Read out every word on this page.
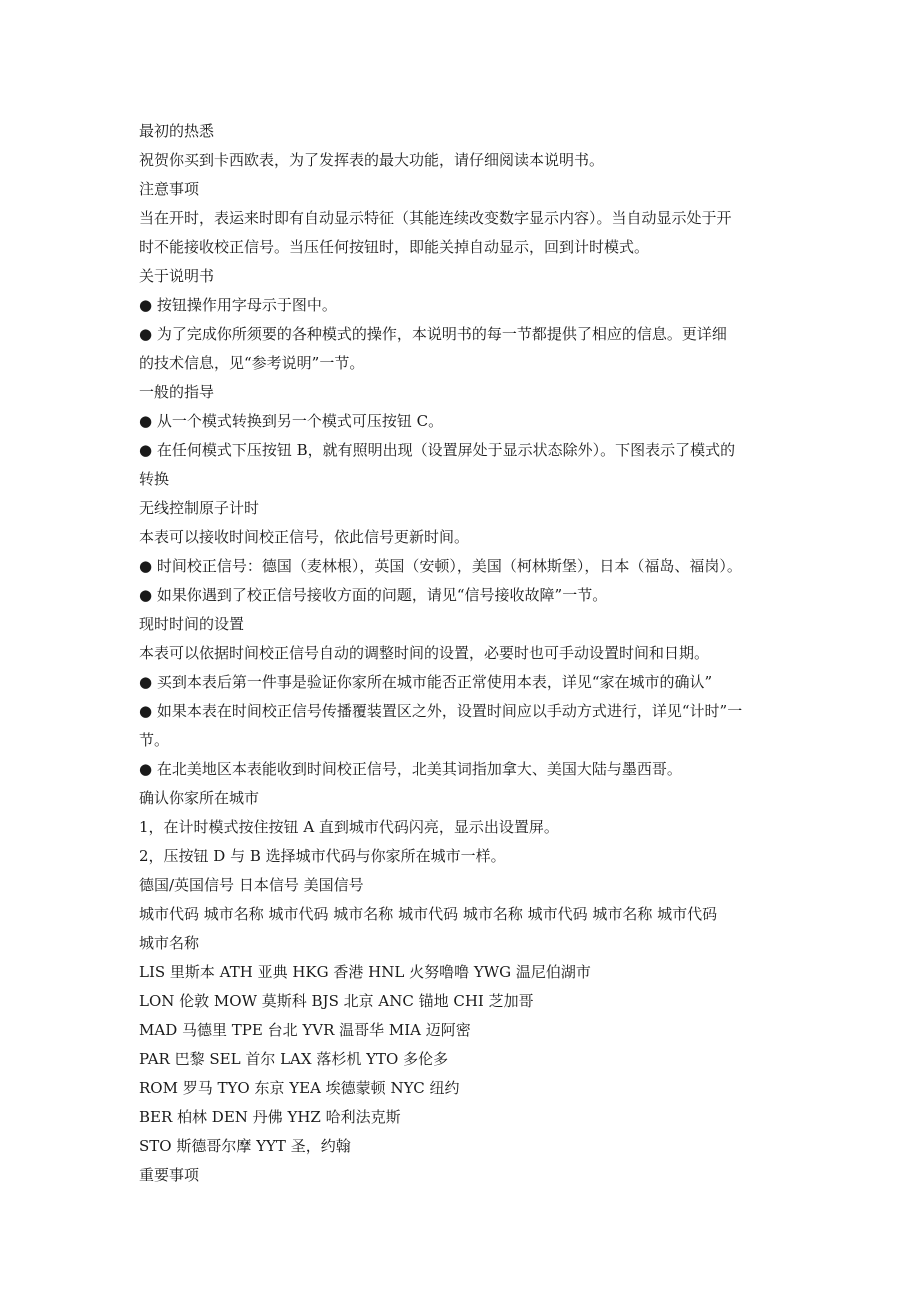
最初的热悉
祝贺你买到卡西欧表，为了发挥表的最大功能，请仔细阅读本说明书。
注意事项
当在开时，表运来时即有自动显示特征（其能连续改变数字显示内容）。当自动显示处于开
时不能接收校正信号。当压任何按钮时，即能关掉自动显示，回到计时模式。
关于说明书
● 按钮操作用字母示于图中。
● 为了完成你所须要的各种模式的操作，本说明书的每一节都提供了相应的信息。更详细
的技术信息，见“参考说明”一节。
一般的指导
● 从一个模式转换到另一个模式可压按钮 C。
● 在任何模式下压按钮 B，就有照明出现（设置屏处于显示状态除外）。下图表示了模式的
转换
无线控制原子计时
本表可以接收时间校正信号，依此信号更新时间。
● 时间校正信号：德国（麦林根），英国（安顿），美国（柯林斯堡），日本（福岛、福岗）。
● 如果你遇到了校正信号接收方面的问题，请见“信号接收故障”一节。
现时时间的设置
本表可以依据时间校正信号自动的调整时间的设置，必要时也可手动设置时间和日期。
● 买到本表后第一件事是验证你家所在城市能否正常使用本表，详见“家在城市的确认”
● 如果本表在时间校正信号传播覆装置区之外，设置时间应以手动方式进行，详见“计时”一
节。
● 在北美地区本表能收到时间校正信号，北美其词指加拿大、美国大陆与墨西哥。
确认你家所在城市
1，在计时模式按住按钮 A 直到城市代码闪亮，显示出设置屏。
2，压按钮 D 与 B 选择城市代码与你家所在城市一样。
德国/英国信号 日本信号 美国信号
城市代码 城市名称 城市代码 城市名称 城市代码 城市名称 城市代码 城市名称 城市代码
城市名称
LIS 里斯本 ATH 亚典 HKG 香港 HNL 火努噜噜 YWG 温尼伯湖市
LON 伦敦 MOW 莫斯科 BJS 北京 ANC 锚地 CHI 芝加哥
MAD 马德里 TPE 台北 YVR 温哥华 MIA 迈阿密
PAR 巴黎 SEL 首尔 LAX 落杉机 YTO 多伦多
ROM 罗马 TYO 东京 YEA 埃德蒙顿 NYC 纽约
BER 柏林 DEN 丹佛 YHZ 哈利法克斯
STO 斯德哥尔摩 YYT 圣，约翰
重要事项
